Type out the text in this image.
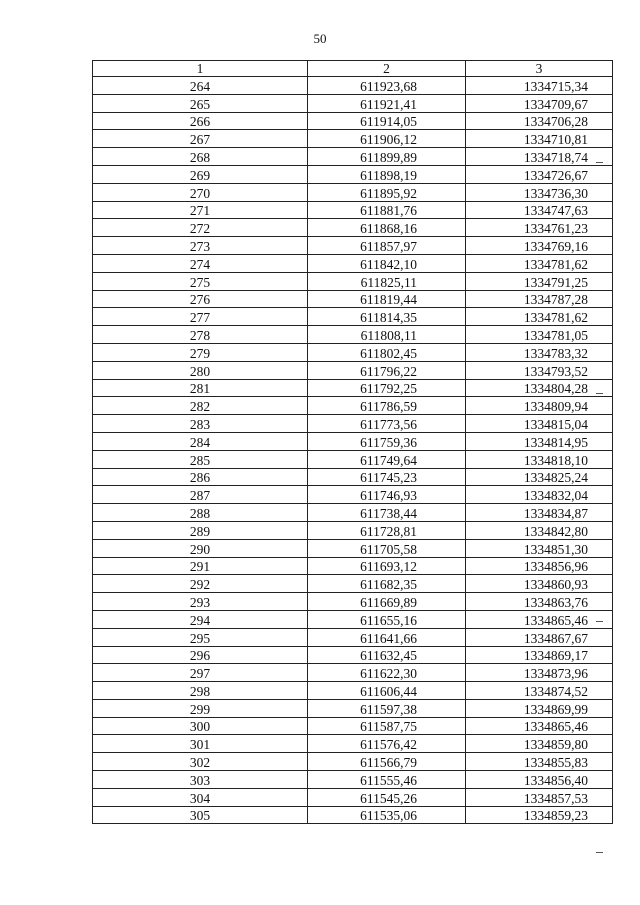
50
1	2	3
264	611923,68	1334715,34
265	611921,41	1334709,67
266	611914,05	1334706,28
267	611906,12	1334710,81
268	611899,89	1334718,74
269	611898,19	1334726,67
270	611895,92	1334736,30
271	611881,76	1334747,63
272	611868,16	1334761,23
273	611857,97	1334769,16
274	611842,10	1334781,62
275	611825,11	1334791,25
276	611819,44	1334787,28
277	611814,35	1334781,62
278	611808,11	1334781,05
279	611802,45	1334783,32
280	611796,22	1334793,52
281	611792,25	1334804,28
282	611786,59	1334809,94
283	611773,56	1334815,04
284	611759,36	1334814,95
285	611749,64	1334818,10
286	611745,23	1334825,24
287	611746,93	1334832,04
288	611738,44	1334834,87
289	611728,81	1334842,80
290	611705,58	1334851,30
291	611693,12	1334856,96
292	611682,35	1334860,93
293	611669,89	1334863,76
294	611655,16	1334865,46
295	611641,66	1334867,67
296	611632,45	1334869,17
297	611622,30	1334873,96
298	611606,44	1334874,52
299	611597,38	1334869,99
300	611587,75	1334865,46
301	611576,42	1334859,80
302	611566,79	1334855,83
303	611555,46	1334856,40
304	611545,26	1334857,53
305	611535,06	1334859,23
